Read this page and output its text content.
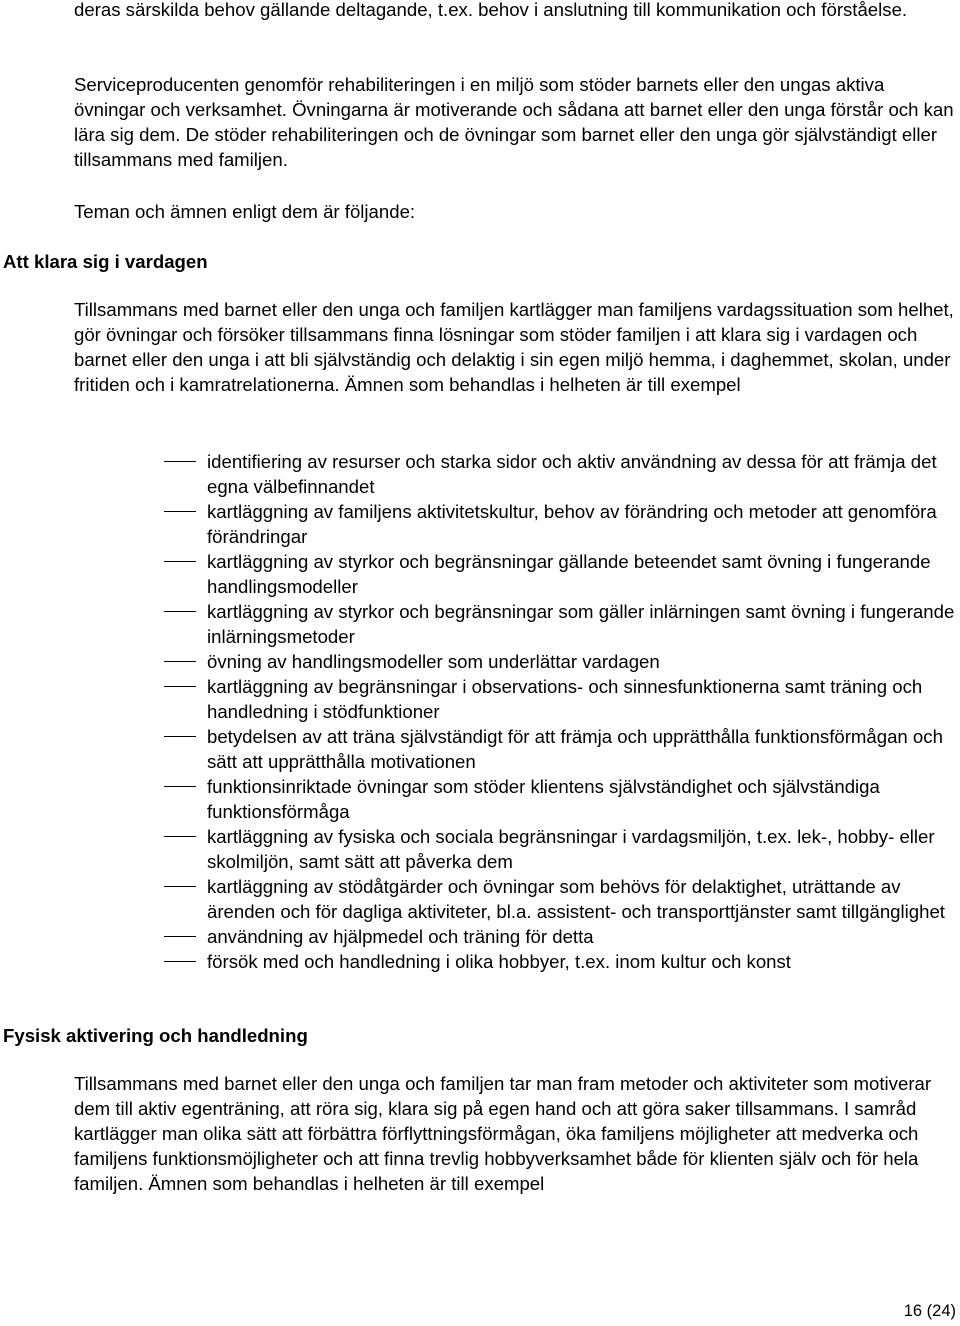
deras särskilda behov gällande deltagande, t.ex. behov i anslutning till kommunikation och förståelse.

Serviceproducenten genomför rehabiliteringen i en miljö som stöder barnets eller den ungas aktiva övningar och verksamhet. Övningarna är motiverande och sådana att barnet eller den unga förstår och kan lära sig dem. De stöder rehabiliteringen och de övningar som barnet eller den unga gör självständigt eller tillsammans med familjen.

Teman och ämnen enligt dem är följande:

Att klara sig i vardagen

Tillsammans med barnet eller den unga och familjen kartlägger man familjens vardagssituation som helhet, gör övningar och försöker tillsammans finna lösningar som stöder familjen i att klara sig i vardagen och barnet eller den unga i att bli självständig och delaktig i sin egen miljö hemma, i daghemmet, skolan, under fritiden och i kamratrelationerna. Ämnen som behandlas i helheten är till exempel

identifiering av resurser och starka sidor och aktiv användning av dessa för att främja det egna välbefinnandet
kartläggning av familjens aktivitetskultur, behov av förändring och metoder att genomföra förändringar
kartläggning av styrkor och begränsningar gällande beteendet samt övning i fungerande handlingsmodeller
kartläggning av styrkor och begränsningar som gäller inlärningen samt övning i fungerande inlärningsmetoder
övning av handlingsmodeller som underlättar vardagen
kartläggning av begränsningar i observations- och sinnesfunktionerna samt träning och handledning i stödfunktioner
betydelsen av att träna självständigt för att främja och upprätthålla funktionsförmågan och sätt att upprätthålla motivationen
funktionsinriktade övningar som stöder klientens självständighet och självständiga funktionsförmåga
kartläggning av fysiska och sociala begränsningar i vardagsmiljön, t.ex. lek-, hobby- eller skolmiljön, samt sätt att påverka dem
kartläggning av stödåtgärder och övningar som behövs för delaktighet, uträttande av ärenden och för dagliga aktiviteter, bl.a. assistent- och transporttjänster samt tillgänglighet
användning av hjälpmedel och träning för detta
försök med och handledning i olika hobbyer, t.ex. inom kultur och konst
Fysisk aktivering och handledning

Tillsammans med barnet eller den unga och familjen tar man fram metoder och aktiviteter som motiverar dem till aktiv egenträning, att röra sig, klara sig på egen hand och att göra saker tillsammans. I samråd kartlägger man olika sätt att förbättra förflyttningsförmågan, öka familjens möjligheter att medverka och familjens funktionsmöjligheter och att finna trevlig hobbyverksamhet både för klienten själv och för hela familjen. Ämnen som behandlas i helheten är till exempel

16 (24)
